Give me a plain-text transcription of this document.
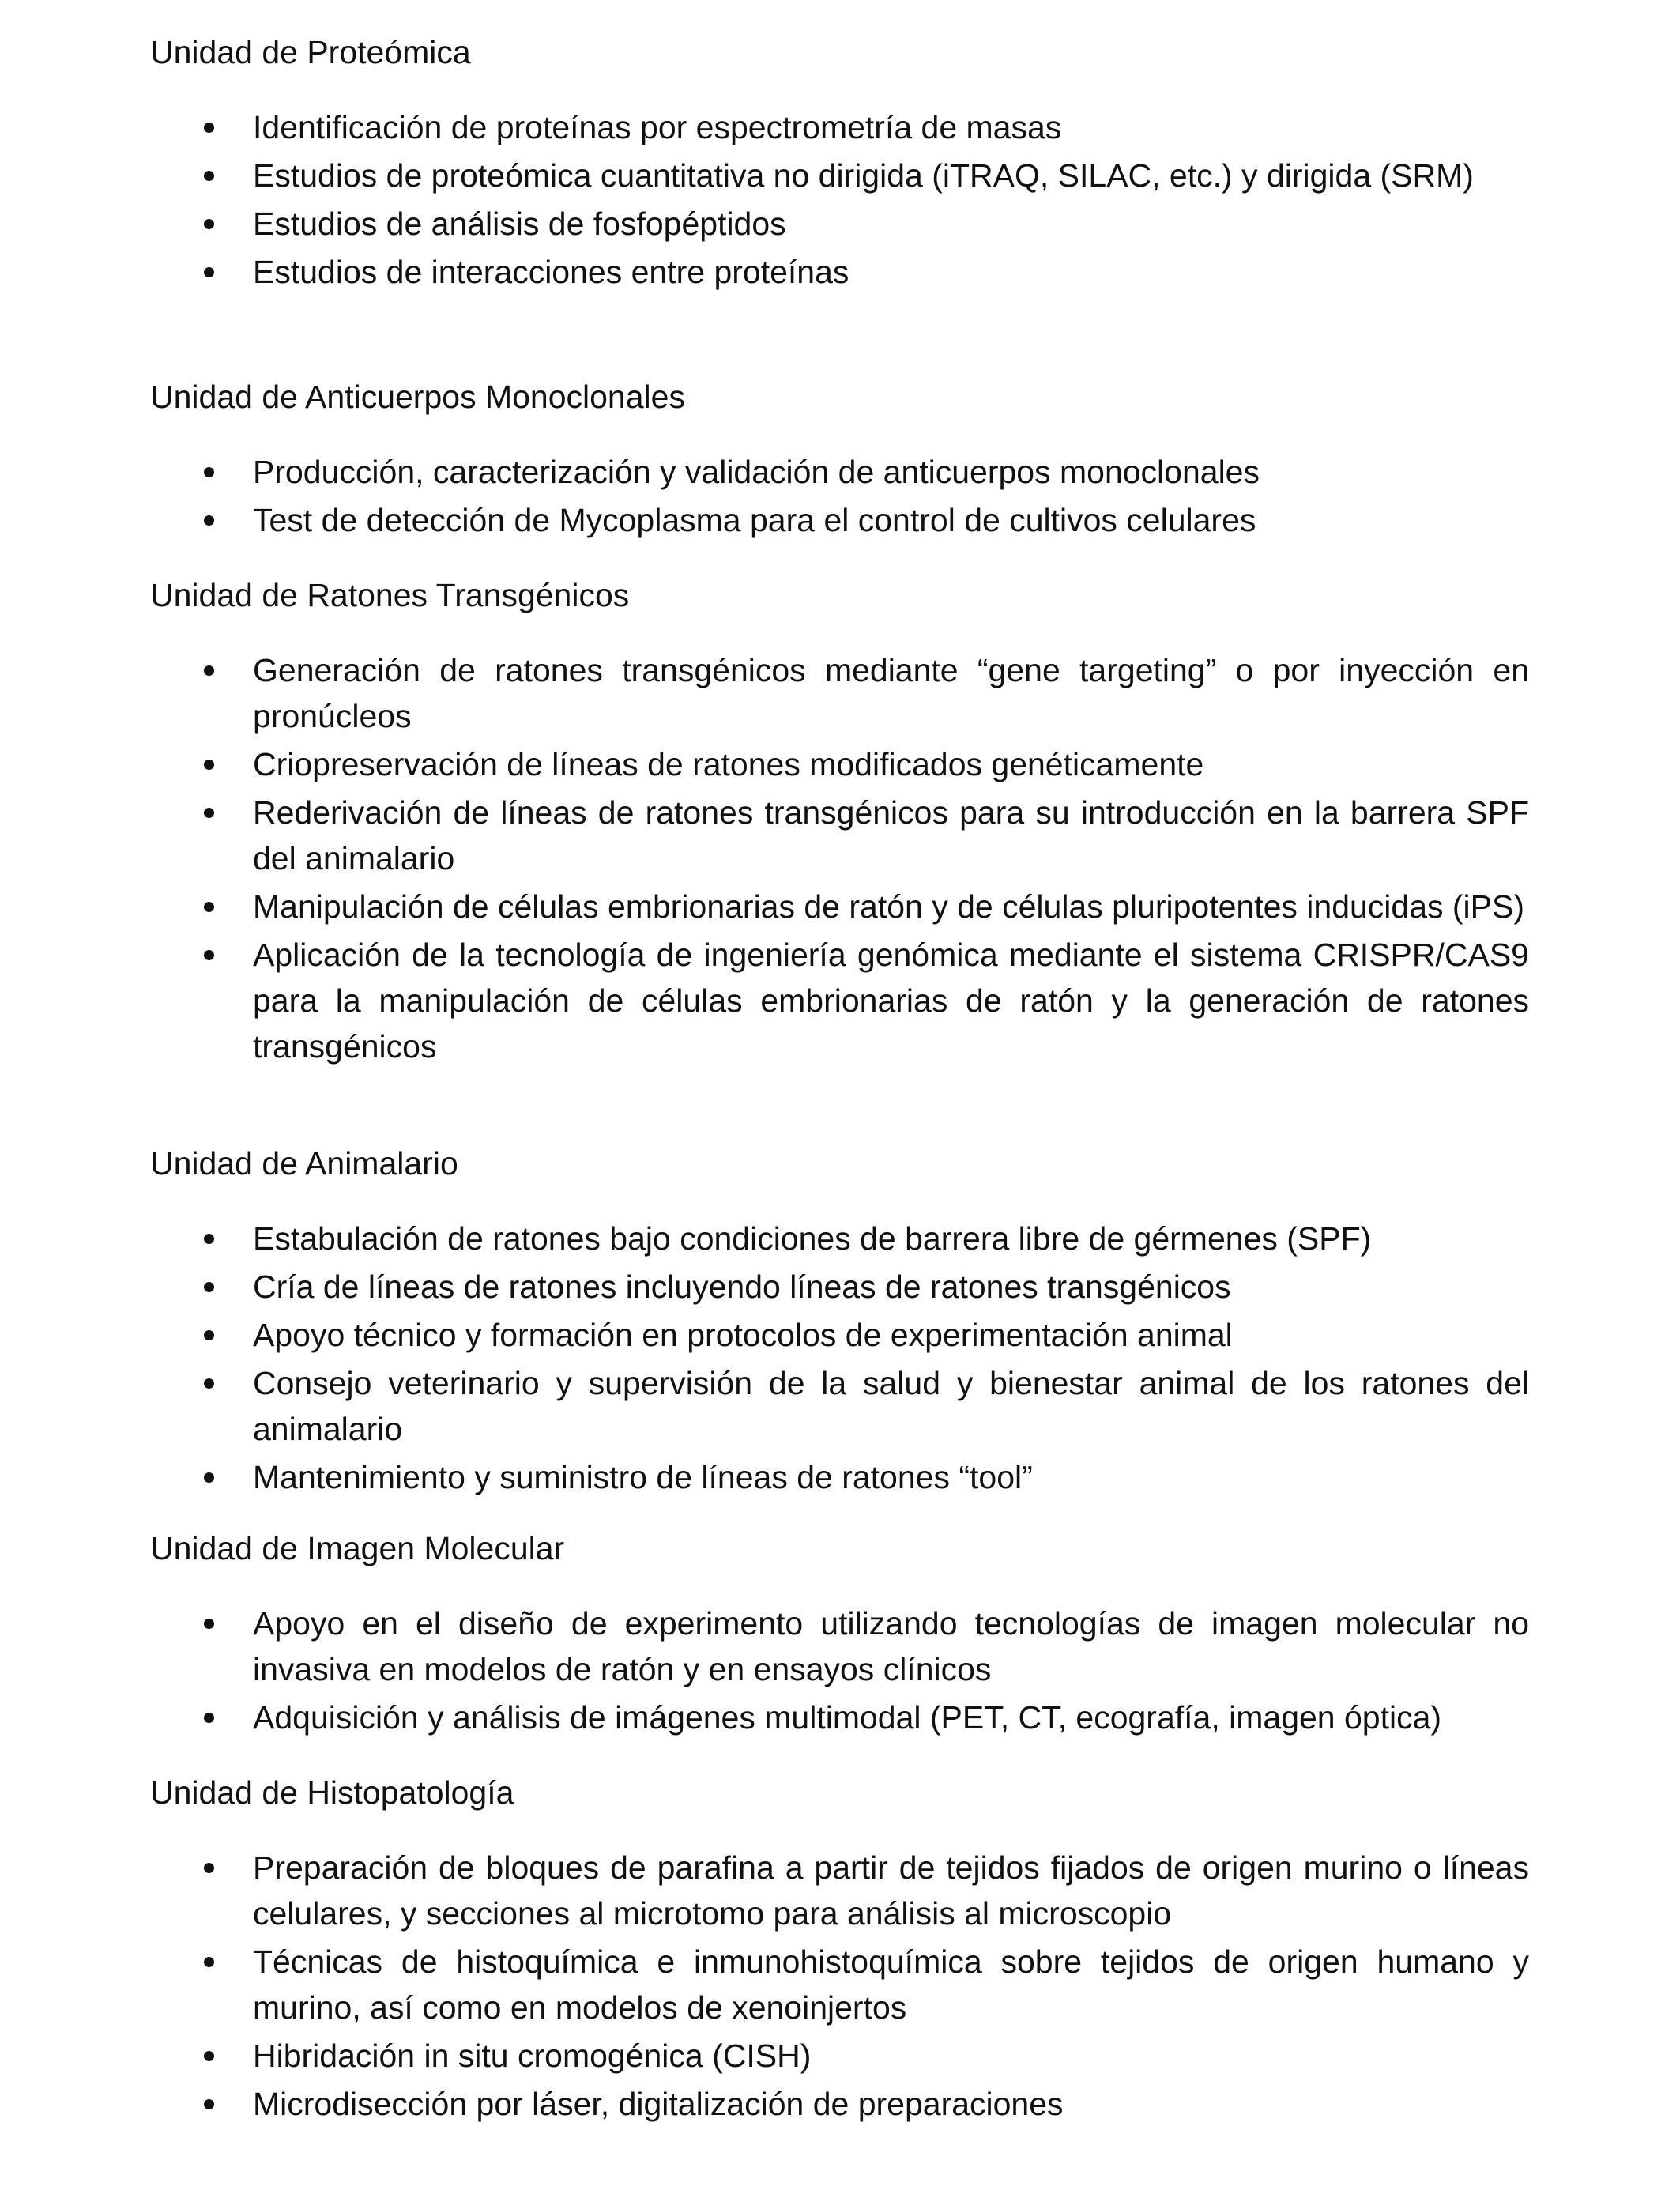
Unidad de Proteómica
Identificación de proteínas por espectrometría de masas
Estudios de proteómica cuantitativa no dirigida (iTRAQ, SILAC, etc.) y dirigida (SRM)
Estudios de análisis de fosfopéptidos
Estudios de interacciones entre proteínas
Unidad de Anticuerpos Monoclonales
Producción, caracterización y validación de anticuerpos monoclonales
Test de detección de Mycoplasma para el control de cultivos celulares
Unidad de Ratones Transgénicos
Generación de ratones transgénicos mediante “gene targeting” o por inyección en pronúcleos
Criopreservación de líneas de ratones modificados genéticamente
Rederivación de líneas de ratones transgénicos para su introducción en la barrera SPF del animalario
Manipulación de células embrionarias de ratón y de células pluripotentes inducidas (iPS)
Aplicación de la tecnología de ingeniería genómica mediante el sistema CRISPR/CAS9 para la manipulación de células embrionarias de ratón y la generación de ratones transgénicos
Unidad de Animalario
Estabulación de ratones bajo condiciones de barrera libre de gérmenes (SPF)
Cría de líneas de ratones incluyendo líneas de ratones transgénicos
Apoyo técnico y formación en protocolos de experimentación animal
Consejo veterinario y supervisión de la salud y bienestar animal de los ratones del animalario
Mantenimiento y suministro de líneas de ratones “tool”
Unidad de Imagen Molecular
Apoyo en el diseño de experimento utilizando tecnologías de imagen molecular no invasiva en modelos de ratón y en ensayos clínicos
Adquisición y análisis de imágenes multimodal (PET, CT, ecografía, imagen óptica)
Unidad de Histopatología
Preparación de bloques de parafina a partir de tejidos fijados de origen murino o líneas celulares, y secciones al microtomo para análisis al microscopio
Técnicas de histoquímica e inmunohistoquímica sobre tejidos de origen humano y murino, así como en modelos de xenoinjertos
Hibridación in situ cromogénica (CISH)
Microdisección por láser, digitalización de preparaciones
